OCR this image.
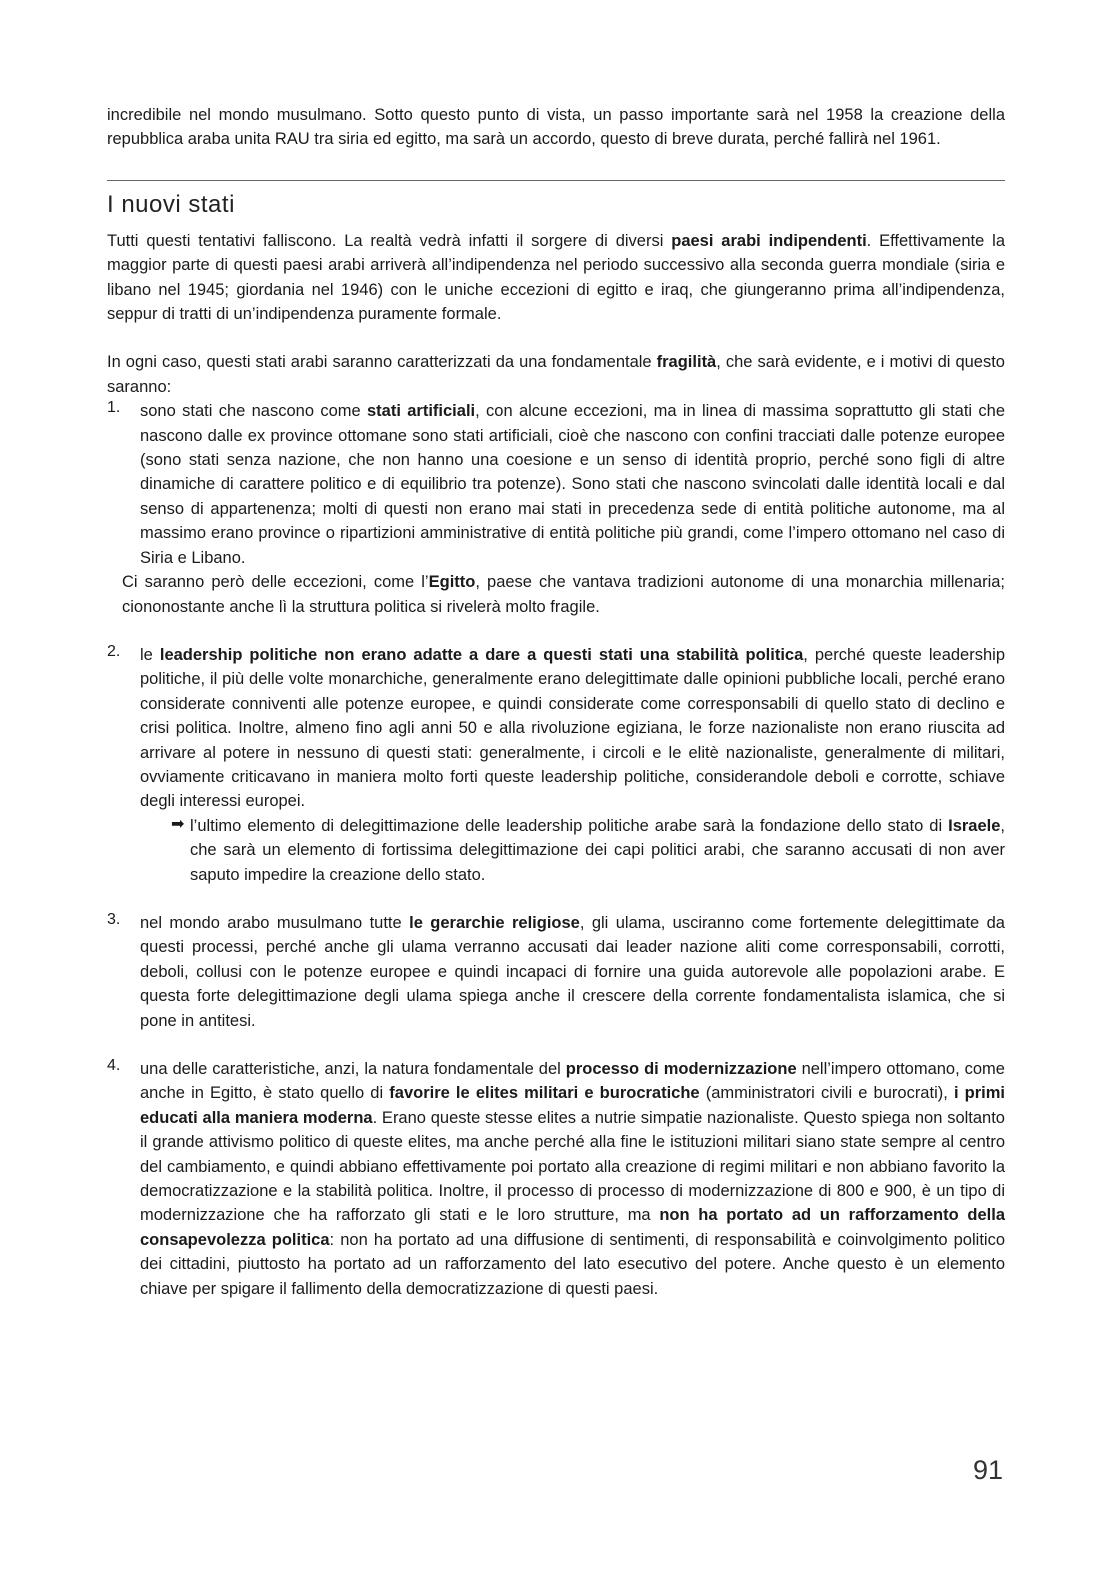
incredibile nel mondo musulmano. Sotto questo punto di vista, un passo importante sarà nel 1958 la creazione della repubblica araba unita RAU tra siria ed egitto, ma sarà un accordo, questo di breve durata, perché fallirà nel 1961.

I nuovi stati

Tutti questi tentativi falliscono. La realtà vedrà infatti il sorgere di diversi paesi arabi indipendenti. Effettivamente la maggior parte di questi paesi arabi arriverà all’indipendenza nel periodo successivo alla seconda guerra mondiale (siria e libano nel 1945; giordania nel 1946) con le uniche eccezioni di egitto e iraq, che giungeranno prima all’indipendenza, seppur di tratti di un’indipendenza puramente formale.

In ogni caso, questi stati arabi saranno caratterizzati da una fondamentale fragilità, che sarà evidente, e i motivi di questo saranno:

1. sono stati che nascono come stati artificiali, con alcune eccezioni, ma in linea di massima soprattutto gli stati che nascono dalle ex province ottomane sono stati artificiali, cioè che nascono con confini tracciati dalle potenze europee (sono stati senza nazione, che non hanno una coesione e un senso di identità proprio, perché sono figli di altre dinamiche di carattere politico e di equilibrio tra potenze). Sono stati che nascono svincolati dalle identità locali e dal senso di appartenenza; molti di questi non erano mai stati in precedenza sede di entità politiche autonome, ma al massimo erano province o ripartizioni amministrative di entità politiche più grandi, come l’impero ottomano nel caso di Siria e Libano.

Ci saranno però delle eccezioni, come l’Egitto, paese che vantava tradizioni autonome di una monarchia millenaria; ciononostante anche lì la struttura politica si rivelerà molto fragile.

2. le leadership politiche non erano adatte a dare a questi stati una stabilità politica, perché queste leadership politiche, il più delle volte monarchiche, generalmente erano delegittimate dalle opinioni pubbliche locali, perché erano considerate conniventi alle potenze europee, e quindi considerate come corresponsabili di quello stato di declino e crisi politica. Inoltre, almeno fino agli anni 50 e alla rivoluzione egiziana, le forze nazionaliste non erano riuscita ad arrivare al potere in nessuno di questi stati: generalmente, i circoli e le elitè nazionaliste, generalmente di militari, ovviamente criticavano in maniera molto forti queste leadership politiche, considerandole deboli e corrotte, schiave degli interessi europei.

➡ l’ultimo elemento di delegittimazione delle leadership politiche arabe sarà la fondazione dello stato di Israele, che sarà un elemento di fortissima delegittimazione dei capi politici arabi, che saranno accusati di non aver saputo impedire la creazione dello stato.

3. nel mondo arabo musulmano tutte le gerarchie religiose, gli ulama, usciranno come fortemente delegittimate da questi processi, perché anche gli ulama verranno accusati dai leader nazione aliti come corresponsabili, corrotti, deboli, collusi con le potenze europee e quindi incapaci di fornire una guida autorevole alle popolazioni arabe. E questa forte delegittimazione degli ulama spiega anche il crescere della corrente fondamentalista islamica, che si pone in antitesi.

4. una delle caratteristiche, anzi, la natura fondamentale del processo di modernizzazione nell’impero ottomano, come anche in Egitto, è stato quello di favorire le elites militari e burocratiche (amministratori civili e burocrati), i primi educati alla maniera moderna. Erano queste stesse elites a nutrie simpatie nazionaliste. Questo spiega non soltanto il grande attivismo politico di queste elites, ma anche perché alla fine le istituzioni militari siano state sempre al centro del cambiamento, e quindi abbiano effettivamente poi portato alla creazione di regimi militari e non abbiano favorito la democratizzazione e la stabilità politica. Inoltre, il processo di processo di modernizzazione di 800 e 900, è un tipo di modernizzazione che ha rafforzato gli stati e le loro strutture, ma non ha portato ad un rafforzamento della consapevolezza politica: non ha portato ad una diffusione di sentimenti, di responsabilità e coinvolgimento politico dei cittadini, piuttosto ha portato ad un rafforzamento del lato esecutivo del potere. Anche questo è un elemento chiave per spigare il fallimento della democratizzazione di questi paesi.

91
